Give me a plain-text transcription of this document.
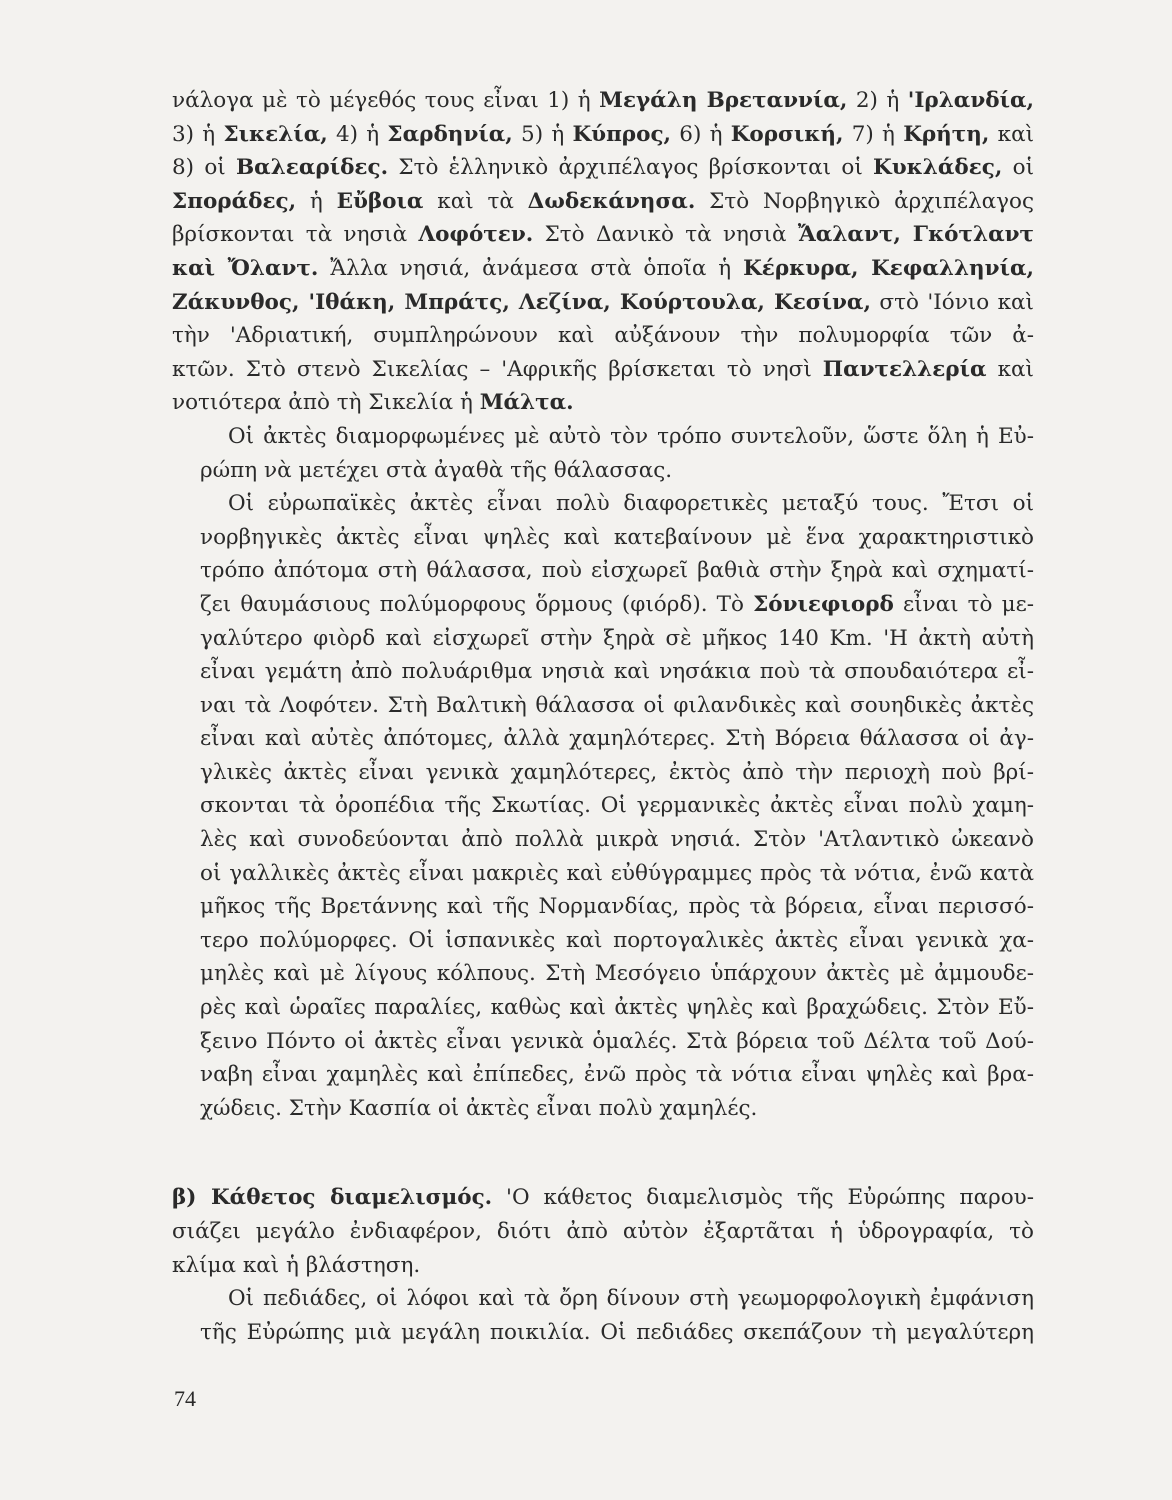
νάλογα μὲ τὸ μέγεθός τους εἶναι 1) ἡ Μεγάλη Βρεταννία, 2) ἡ 'Ιρλανδία,
3) ἡ Σικελία, 4) ἡ Σαρδηνία, 5) ἡ Κύπρος, 6) ἡ Κορσική, 7) ἡ Κρήτη, καὶ
8) οἱ Βαλεαρίδες. Στὸ ἑλληνικὸ ἀρχιπέλαγος βρίσκονται οἱ Κυκλάδες, οἱ
Σποράδες, ἡ Εὔβοια καὶ τὰ Δωδεκάνησα. Στὸ Νορβηγικὸ ἀρχιπέλαγος
βρίσκονται τὰ νησιὰ Λοφότεν. Στὸ Δανικὸ τὰ νησιὰ Ἄαλαντ, Γκότλαντ
καὶ Ὄλαντ. Ἄλλα νησιά, ἀνάμεσα στὰ ὁποῖα ἡ Κέρκυρα, Κεφαλληνία,
Ζάκυνθος, 'Ιθάκη, Μπράτς, Λεζίνα, Κούρτουλα, Κεσίνα, στὸ 'Ιόνιο καὶ
τὴν 'Αδριατική, συμπληρώνουν καὶ αὐξάνουν τὴν πολυμορφία τῶν ἀ-
κτῶν. Στὸ στενὸ Σικελίας – 'Αφρικῆς βρίσκεται τὸ νησὶ Παντελλερία καὶ
νοτιότερα ἀπὸ τὴ Σικελία ἡ Μάλτα.
Οἱ ἀκτὲς διαμορφωμένες μὲ αὐτὸ τὸν τρόπο συντελοῦν, ὥστε ὅλη ἡ Εὐ-
ρώπη νὰ μετέχει στὰ ἀγαθὰ τῆς θάλασσας.
Οἱ εὐρωπαϊκὲς ἀκτὲς εἶναι πολὺ διαφορετικὲς μεταξύ τους. Ἔτσι οἱ
νορβηγικὲς ἀκτὲς εἶναι ψηλὲς καὶ κατεβαίνουν μὲ ἕνα χαρακτηριστικὸ
τρόπο ἀπότομα στὴ θάλασσα, ποὺ εἰσχωρεῖ βαθιὰ στὴν ξηρὰ καὶ σχηματί-
ζει θαυμάσιους πολύμορφους ὅρμους (φιόρδ). Τὸ Σόνιεφιορδ εἶναι τὸ με-
γαλύτερο φιὸρδ καὶ εἰσχωρεῖ στὴν ξηρὰ σὲ μῆκος 140 Km. 'Η ἀκτὴ αὐτὴ
εἶναι γεμάτη ἀπὸ πολυάριθμα νησιὰ καὶ νησάκια ποὺ τὰ σπουδαιότερα εἶ-
ναι τὰ Λοφότεν. Στὴ Βαλτικὴ θάλασσα οἱ φιλανδικὲς καὶ σουηδικὲς ἀκτὲς
εἶναι καὶ αὐτὲς ἀπότομες, ἀλλὰ χαμηλότερες. Στὴ Βόρεια θάλασσα οἱ ἀγ-
γλικὲς ἀκτὲς εἶναι γενικὰ χαμηλότερες, ἐκτὸς ἀπὸ τὴν περιοχὴ ποὺ βρί-
σκονται τὰ ὀροπέδια τῆς Σκωτίας. Οἱ γερμανικὲς ἀκτὲς εἶναι πολὺ χαμη-
λὲς καὶ συνοδεύονται ἀπὸ πολλὰ μικρὰ νησιά. Στὸν 'Ατλαντικὸ ὠκεανὸ
οἱ γαλλικὲς ἀκτὲς εἶναι μακριὲς καὶ εὐθύγραμμες πρὸς τὰ νότια, ἐνῶ κατὰ
μῆκος τῆς Βρετάννης καὶ τῆς Νορμανδίας, πρὸς τὰ βόρεια, εἶναι περισσό-
τερο πολύμορφες. Οἱ ἱσπανικὲς καὶ πορτογαλικὲς ἀκτὲς εἶναι γενικὰ χα-
μηλὲς καὶ μὲ λίγους κόλπους. Στὴ Μεσόγειο ὑπάρχουν ἀκτὲς μὲ ἀμμουδε-
ρὲς καὶ ὡραῖες παραλίες, καθὼς καὶ ἀκτὲς ψηλὲς καὶ βραχώδεις. Στὸν Εὔ-
ξεινο Πόντο οἱ ἀκτὲς εἶναι γενικὰ ὁμαλές. Στὰ βόρεια τοῦ Δέλτα τοῦ Δού-
ναβη εἶναι χαμηλὲς καὶ ἐπίπεδες, ἐνῶ πρὸς τὰ νότια εἶναι ψηλὲς καὶ βρα-
χώδεις. Στὴν Κασπία οἱ ἀκτὲς εἶναι πολὺ χαμηλές.
β) Κάθετος διαμελισμός. 'Ο κάθετος διαμελισμὸς τῆς Εὐρώπης παρου-
σιάζει μεγάλο ἐνδιαφέρον, διότι ἀπὸ αὐτὸν ἐξαρτᾶται ἡ ὑδρογραφία, τὸ
κλίμα καὶ ἡ βλάστηση.
Οἱ πεδιάδες, οἱ λόφοι καὶ τὰ ὄρη δίνουν στὴ γεωμορφολογικὴ ἐμφάνιση
τῆς Εὐρώπης μιὰ μεγάλη ποικιλία. Οἱ πεδιάδες σκεπάζουν τὴ μεγαλύτερη
74
